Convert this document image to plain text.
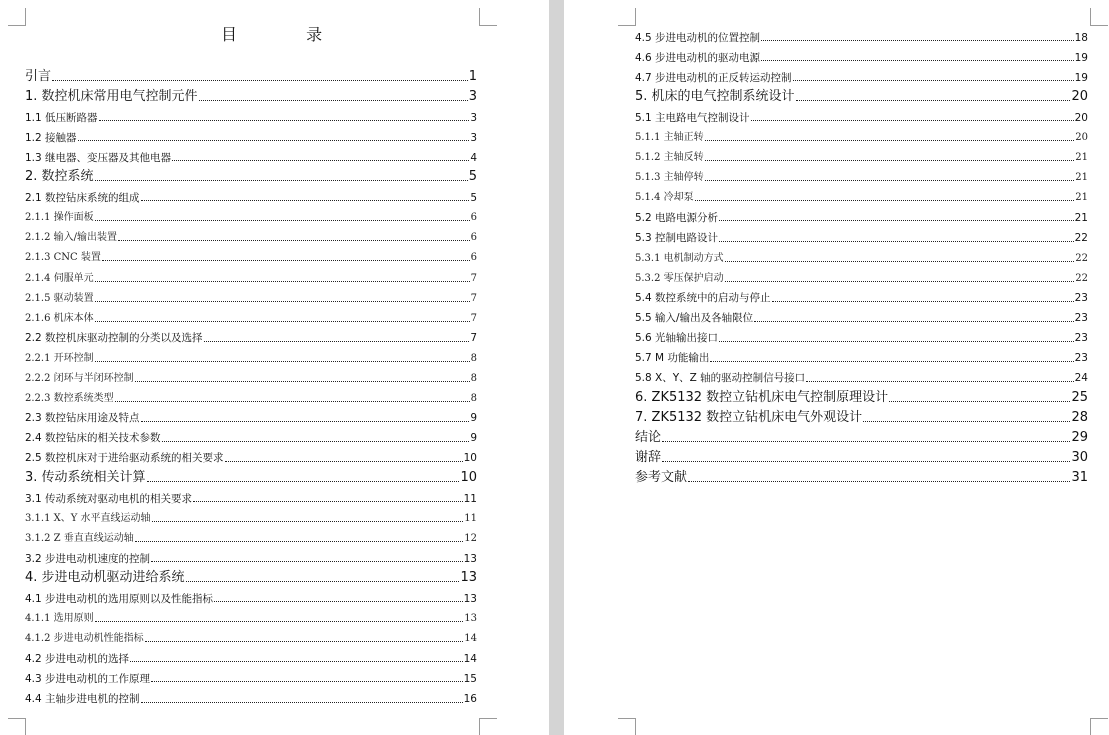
目 录
引言	1
1. 数控机床常用电气控制元件	3
1.1 低压断路器	3
1.2 接触器	3
1.3 继电器、变压器及其他电器	4
2. 数控系统	5
2.1 数控钻床系统的组成	5
2.1.1 操作面板	6
2.1.2 输入/输出装置	6
2.1.3 CNC 装置	6
2.1.4 伺服单元	7
2.1.5 驱动装置	7
2.1.6 机床本体	7
2.2 数控机床驱动控制的分类以及选择	7
2.2.1 开环控制	8
2.2.2 闭环与半闭环控制	8
2.2.3 数控系统类型	8
2.3 数控钻床用途及特点	9
2.4 数控钻床的相关技术参数	9
2.5 数控机床对于进给驱动系统的相关要求	10
3. 传动系统相关计算	10
3.1 传动系统对驱动电机的相关要求	11
3.1.1 X、Y 水平直线运动轴	11
3.1.2 Z 垂直直线运动轴	12
3.2 步进电动机速度的控制	13
4. 步进电动机驱动进给系统	13
4.1 步进电动机的选用原则以及性能指标	13
4.1.1 选用原则	13
4.1.2 步进电动机性能指标	14
4.2 步进电动机的选择	14
4.3 步进电动机的工作原理	15
4.4 主轴步进电机的控制	16
4.5 步进电动机的位置控制	18
4.6 步进电动机的驱动电源	19
4.7 步进电动机的正反转运动控制	19
5. 机床的电气控制系统设计	20
5.1 主电路电气控制设计	20
5.1.1 主轴正转	20
5.1.2 主轴反转	21
5.1.3 主轴停转	21
5.1.4 冷却泵	21
5.2 电路电源分析	21
5.3 控制电路设计	22
5.3.1 电机制动方式	22
5.3.2 零压保护启动	22
5.4 数控系统中的启动与停止	23
5.5 输入/输出及各轴限位	23
5.6 光轴输出接口	23
5.7 M 功能输出	23
5.8 X、Y、Z 轴的驱动控制信号接口	24
6. ZK5132 数控立钻机床电气控制原理设计	25
7. ZK5132 数控立钻机床电气外观设计	28
结论	29
谢辞	30
参考文献	31
